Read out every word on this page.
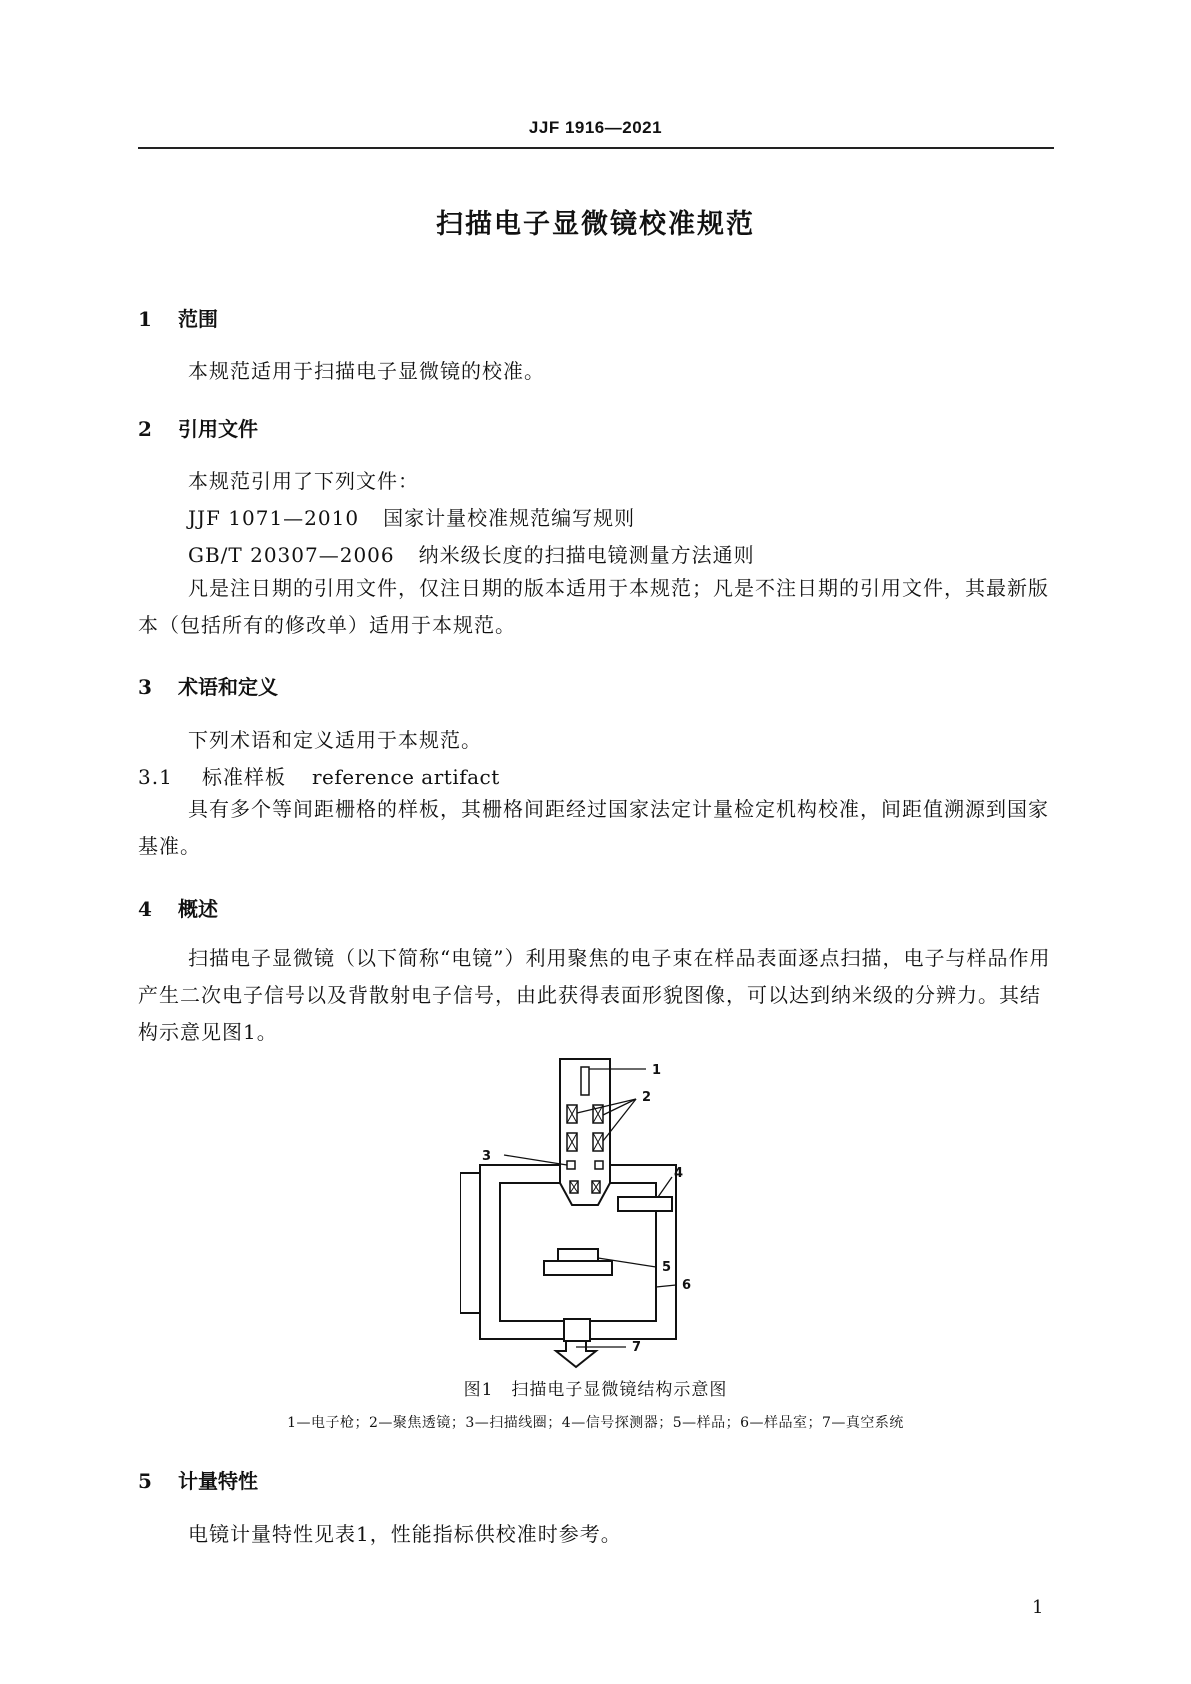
JJF 1916—2021
扫描电子显微镜校准规范
1 范围
本规范适用于扫描电子显微镜的校准。
2 引用文件
本规范引用了下列文件：
JJF 1071—2010 国家计量校准规范编写规则
GB/T 20307—2006 纳米级长度的扫描电镜测量方法通则
凡是注日期的引用文件，仅注日期的版本适用于本规范；凡是不注日期的引用文件，其最新版本（包括所有的修改单）适用于本规范。
3 术语和定义
下列术语和定义适用于本规范。
3.1 标准样板 reference artifact
具有多个等间距栅格的样板，其栅格间距经过国家法定计量检定机构校准，间距值溯源到国家基准。
4 概述
扫描电子显微镜（以下简称“电镜”）利用聚焦的电子束在样品表面逐点扫描，电子与样品作用产生二次电子信号以及背散射电子信号，由此获得表面形貌图像，可以达到纳米级的分辨力。其结构示意见图1。
1
2
3
4
5
6
7
图1　扫描电子显微镜结构示意图
1—电子枪；2—聚焦透镜；3—扫描线圈；4—信号探测器；5—样品；6—样品室；7—真空系统
5 计量特性
电镜计量特性见表1，性能指标供校准时参考。
1
